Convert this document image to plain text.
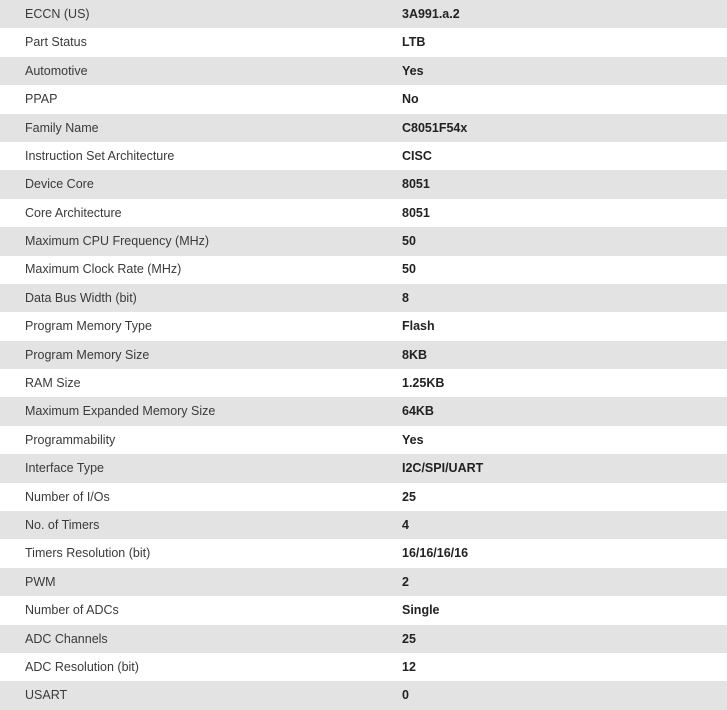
ECCN (US)	3A991.a.2
Part Status	LTB
Automotive	Yes
PPAP	No
Family Name	C8051F54x
Instruction Set Architecture	CISC
Device Core	8051
Core Architecture	8051
Maximum CPU Frequency (MHz)	50
Maximum Clock Rate (MHz)	50
Data Bus Width (bit)	8
Program Memory Type	Flash
Program Memory Size	8KB
RAM Size	1.25KB
Maximum Expanded Memory Size	64KB
Programmability	Yes
Interface Type	I2C/SPI/UART
Number of I/Os	25
No. of Timers	4
Timers Resolution (bit)	16/16/16/16
PWM	2
Number of ADCs	Single
ADC Channels	25
ADC Resolution (bit)	12
USART	0
